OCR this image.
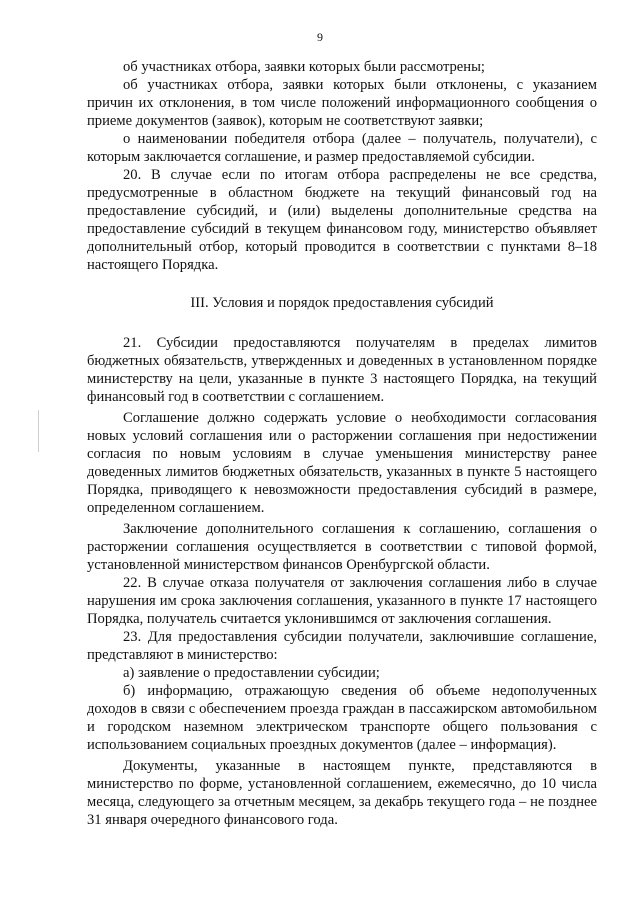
9

об участниках отбора, заявки которых были рассмотрены;

об участниках отбора, заявки которых были отклонены, с указанием причин их отклонения, в том числе положений информационного сообщения о приеме документов (заявок), которым не соответствуют заявки;

о наименовании победителя отбора (далее – получатель, получатели), с которым заключается соглашение, и размер предоставляемой субсидии.

20. В случае если по итогам отбора распределены не все средства, предусмотренные в областном бюджете на текущий финансовый год на предоставление субсидий, и (или) выделены дополнительные средства на предоставление субсидий в текущем финансовом году, министерство объявляет дополнительный отбор, который проводится в соответствии с пунктами 8–18 настоящего Порядка.

III. Условия и порядок предоставления субсидий

21. Субсидии предоставляются получателям в пределах лимитов бюджетных обязательств, утвержденных и доведенных в установленном порядке министерству на цели, указанные в пункте 3 настоящего Порядка, на текущий финансовый год в соответствии с соглашением.

Соглашение должно содержать условие о необходимости согласования новых условий соглашения или о расторжении соглашения при недостижении согласия по новым условиям в случае уменьшения министерству ранее доведенных лимитов бюджетных обязательств, указанных в пункте 5 настоящего Порядка, приводящего к невозможности предоставления субсидий в размере, определенном соглашением.

Заключение дополнительного соглашения к соглашению, соглашения о расторжении соглашения осуществляется в соответствии с типовой формой, установленной министерством финансов Оренбургской области.

22. В случае отказа получателя от заключения соглашения либо в случае нарушения им срока заключения соглашения, указанного в пункте 17 настоящего Порядка, получатель считается уклонившимся от заключения соглашения.

23. Для предоставления субсидии получатели, заключившие соглашение, представляют в министерство:

а) заявление о предоставлении субсидии;

б) информацию, отражающую сведения об объеме недополученных доходов в связи с обеспечением проезда граждан в пассажирском автомобильном и городском наземном электрическом транспорте общего пользования с использованием социальных проездных документов (далее – информация).

Документы, указанные в настоящем пункте, представляются в министерство по форме, установленной соглашением, ежемесячно, до 10 числа месяца, следующего за отчетным месяцем, за декабрь текущего года – не позднее 31 января очередного финансового года.
